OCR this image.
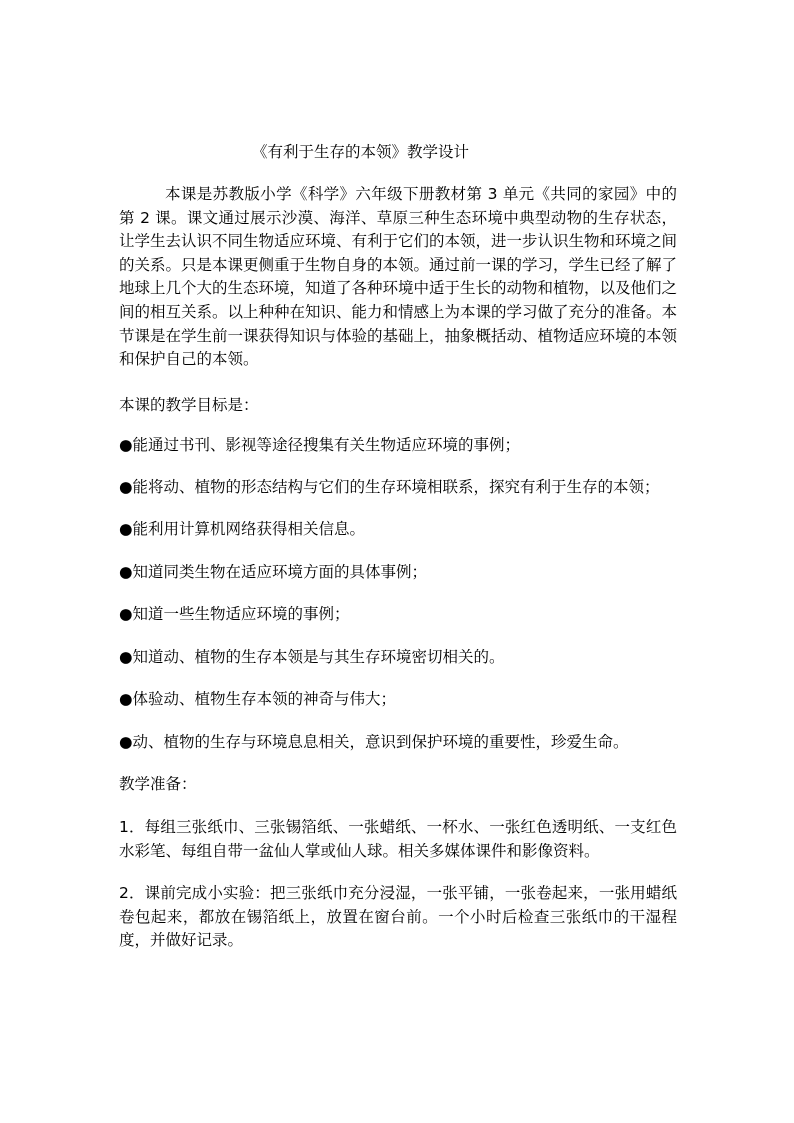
《有利于生存的本领》教学设计

本课是苏教版小学《科学》六年级下册教材第 3 单元《共同的家园》中的第 2 课。课文通过展示沙漠、海洋、草原三种生态环境中典型动物的生存状态，让学生去认识不同生物适应环境、有利于它们的本领，进一步认识生物和环境之间的关系。只是本课更侧重于生物自身的本领。通过前一课的学习，学生已经了解了地球上几个大的生态环境，知道了各种环境中适于生长的动物和植物，以及他们之间的相互关系。以上种种在知识、能力和情感上为本课的学习做了充分的准备。本节课是在学生前一课获得知识与体验的基础上，抽象概括动、植物适应环境的本领和保护自己的本领。

本课的教学目标是：

●能通过书刊、影视等途径搜集有关生物适应环境的事例；

●能将动、植物的形态结构与它们的生存环境相联系，探究有利于生存的本领；

●能利用计算机网络获得相关信息。

●知道同类生物在适应环境方面的具体事例；

●知道一些生物适应环境的事例；

●知道动、植物的生存本领是与其生存环境密切相关的。

●体验动、植物生存本领的神奇与伟大；

●动、植物的生存与环境息息相关，意识到保护环境的重要性，珍爱生命。

教学准备：

1．每组三张纸巾、三张锡箔纸、一张蜡纸、一杯水、一张红色透明纸、一支红色水彩笔、每组自带一盆仙人掌或仙人球。相关多媒体课件和影像资料。

2．课前完成小实验：把三张纸巾充分浸湿，一张平铺，一张卷起来，一张用蜡纸卷包起来，都放在锡箔纸上，放置在窗台前。一个小时后检查三张纸巾的干湿程度，并做好记录。
